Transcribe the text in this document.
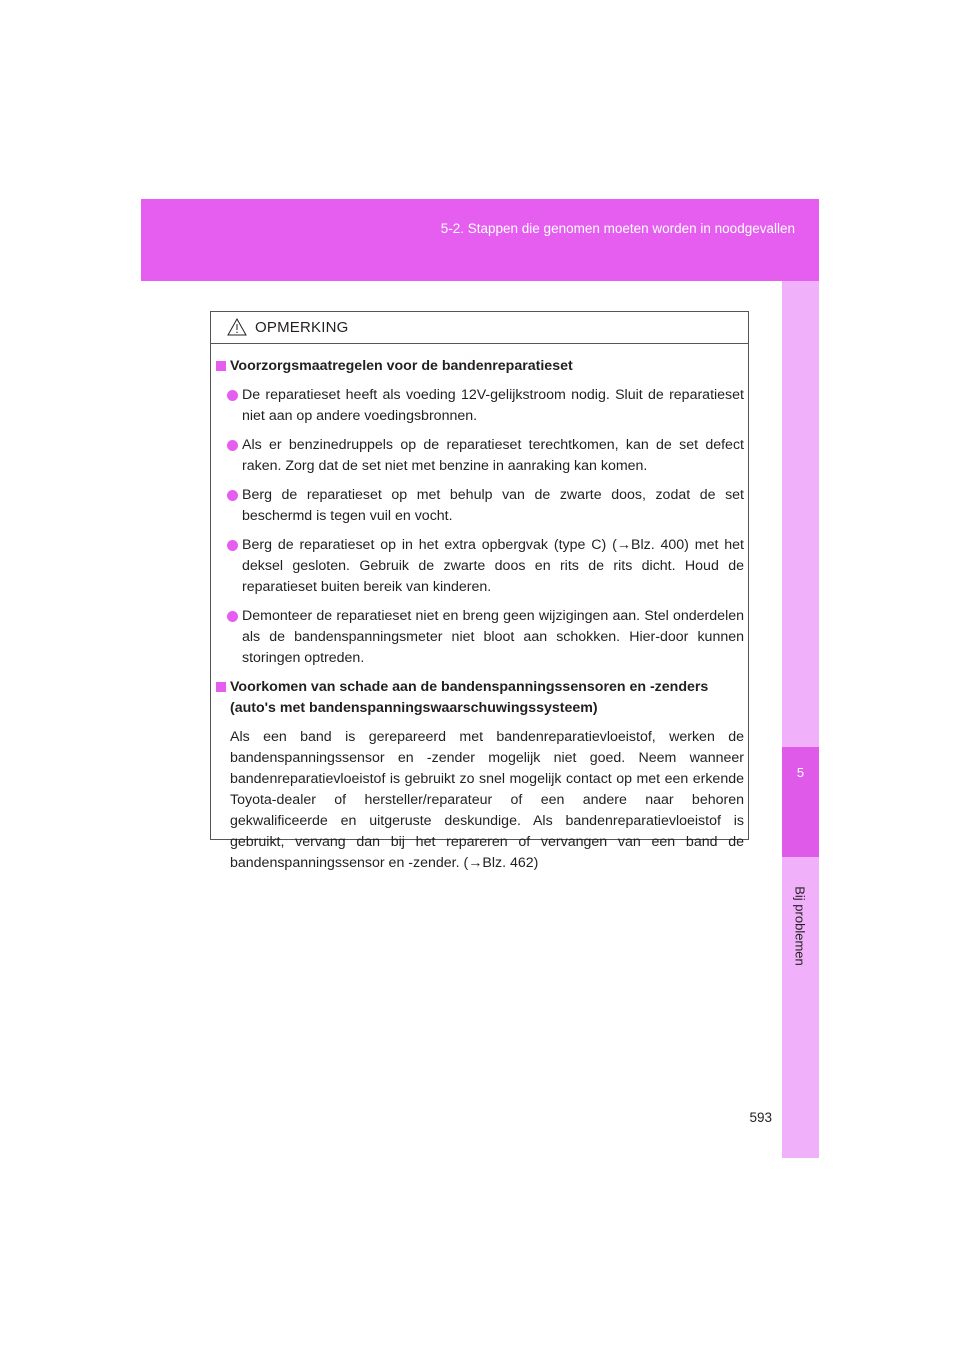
5-2. Stappen die genomen moeten worden in noodgevallen
5
Bij problemen
OPMERKING
Voorzorgsmaatregelen voor de bandenreparatieset
De reparatieset heeft als voeding 12V-gelijkstroom nodig. Sluit de reparatieset niet aan op andere voedingsbronnen.
Als er benzinedruppels op de reparatieset terechtkomen, kan de set defect raken. Zorg dat de set niet met benzine in aanraking kan komen.
Berg de reparatieset op met behulp van de zwarte doos, zodat de set beschermd is tegen vuil en vocht.
Berg de reparatieset op in het extra opbergvak (type C) (→Blz. 400) met het deksel gesloten. Gebruik de zwarte doos en rits de rits dicht. Houd de reparatieset buiten bereik van kinderen.
Demonteer de reparatieset niet en breng geen wijzigingen aan. Stel onderdelen als de bandenspanningsmeter niet bloot aan schokken. Hier-door kunnen storingen optreden.
Voorkomen van schade aan de bandenspanningssensoren en -zenders (auto's met bandenspanningswaarschuwingssysteem)
Als een band is gerepareerd met bandenreparatievloeistof, werken de bandenspanningssensor en -zender mogelijk niet goed. Neem wanneer bandenreparatievloeistof is gebruikt zo snel mogelijk contact op met een erkende Toyota-dealer of hersteller/reparateur of een andere naar behoren gekwalificeerde en uitgeruste deskundige. Als bandenreparatievloeistof is gebruikt, vervang dan bij het repareren of vervangen van een band de bandenspanningssensor en -zender. (→Blz. 462)
593
